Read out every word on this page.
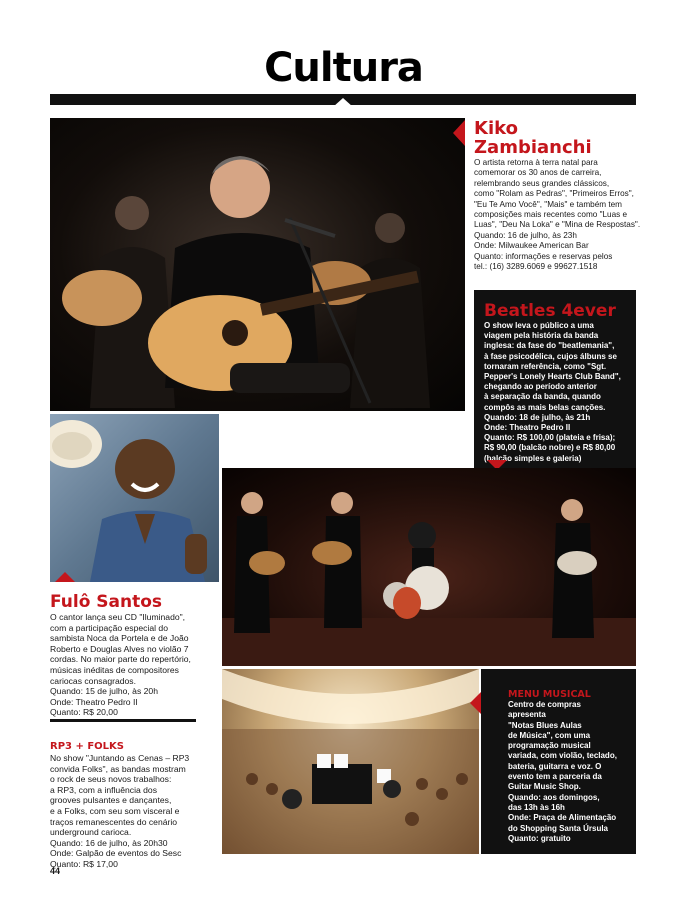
Cultura
Kiko
Zambianchi
O artista retorna à terra natal para
comemorar os 30 anos de carreira,
relembrando seus grandes clássicos,
como "Rolam as Pedras", "Primeiros Erros",
"Eu Te Amo Você", "Mais" e também tem
composições mais recentes como "Luas e
Luas", "Deu Na Loka" e "Mina de Respostas".
Quando: 16 de julho, às 23h
Onde: Milwaukee American Bar
Quanto: informações e reservas pelos
tel.: (16) 3289.6069 e 99627.1518
Beatles 4ever
O show leva o público a uma
viagem pela história da banda
inglesa: da fase do "beatlemania",
à fase psicodélica, cujos álbuns se
tornaram referência, como "Sgt.
Pepper's Lonely Hearts Club Band",
chegando ao período anterior
à separação da banda, quando
compôs as mais belas canções.
Quando: 18 de julho, às 21h
Onde: Theatro Pedro II
Quanto: R$ 100,00 (plateia e frisa);
R$ 90,00 (balcão nobre) e R$ 80,00
(balcão simples e galeria)
Fulô Santos
O cantor lança seu CD "Iluminado",
com a participação especial do
sambista Noca da Portela e de João
Roberto e Douglas Alves no violão 7
cordas. No maior parte do repertório,
músicas inéditas de compositores
cariocas consagrados.
Quando: 15 de julho, às 20h
Onde: Theatro Pedro II
Quanto: R$ 20,00
RP3 + FOLKS
No show "Juntando as Cenas – RP3
convida Folks", as bandas mostram
o rock de seus novos trabalhos:
a RP3, com a influência dos
grooves pulsantes e dançantes,
e a Folks, com seu som visceral e
traços remanescentes do cenário
underground carioca.
Quando: 16 de julho, às 20h30
Onde: Galpão de eventos do Sesc
Quanto: R$ 17,00
MENU MUSICAL
Centro de compras
apresenta
"Notas Blues Aulas
de Música", com uma
programação musical
variada, com violão, teclado,
bateria, guitarra e voz. O
evento tem a parceria da
Guitar Music Shop.
Quando: aos domingos,
das 13h às 16h
Onde: Praça de Alimentação
do Shopping Santa Úrsula
Quanto: gratuito
44
